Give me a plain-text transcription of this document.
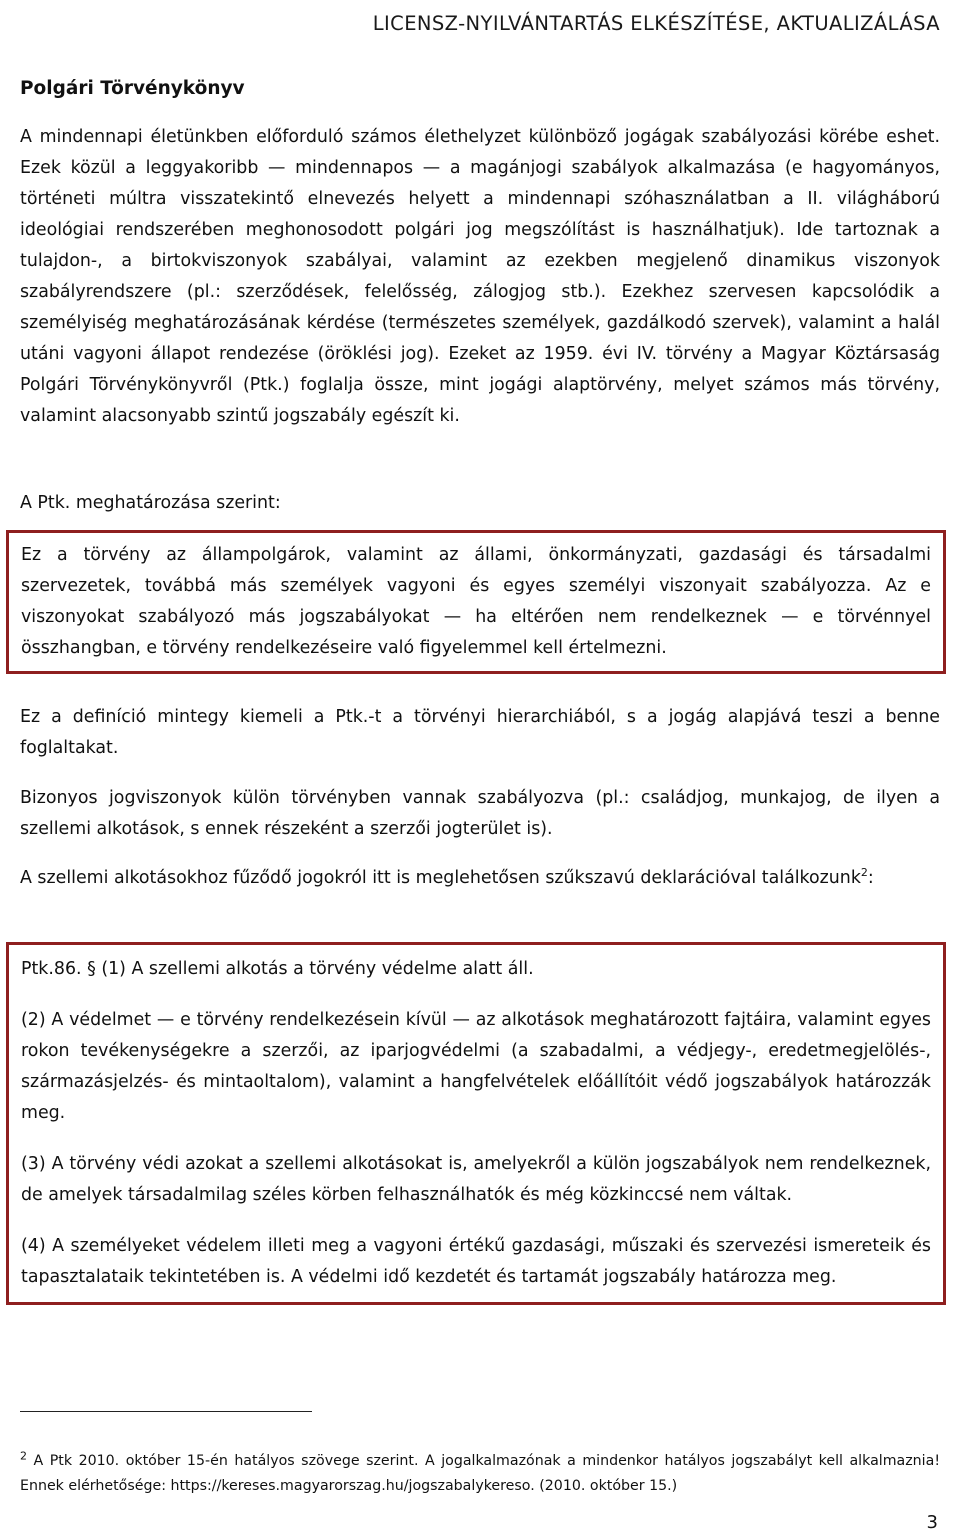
LICENSZ-NYILVÁNTARTÁS ELKÉSZÍTÉSE, AKTUALIZÁLÁSA
Polgári Törvénykönyv

A mindennapi életünkben előforduló számos élethelyzet különböző jogágak szabályozási körébe eshet. Ezek közül a leggyakoribb — mindennapos — a magánjogi szabályok alkalmazása (e hagyományos, történeti múltra visszatekintő elnevezés helyett a mindennapi szóhasználatban a II. világháború ideológiai rendszerében meghonosodott polgári jog megszólítást is használhatjuk). Ide tartoznak a tulajdon-, a birtokviszonyok szabályai, valamint az ezekben megjelenő dinamikus viszonyok szabályrendszere (pl.: szerződések, felelősség, zálogjog stb.). Ezekhez szervesen kapcsolódik a személyiség meghatározásának kérdése (természetes személyek, gazdálkodó szervek), valamint a halál utáni vagyoni állapot rendezése (öröklési jog). Ezeket az 1959. évi IV. törvény a Magyar Köztársaság Polgári Törvénykönyvről (Ptk.) foglalja össze, mint jogági alaptörvény, melyet számos más törvény, valamint alacsonyabb szintű jogszabály egészít ki.

A Ptk. meghatározása szerint:

Ez a törvény az állampolgárok, valamint az állami, önkormányzati, gazdasági és társadalmi szervezetek, továbbá más személyek vagyoni és egyes személyi viszonyait szabályozza. Az e viszonyokat szabályozó más jogszabályokat — ha eltérően nem rendelkeznek — e törvénnyel összhangban, e törvény rendelkezéseire való figyelemmel kell értelmezni.

Ez a definíció mintegy kiemeli a Ptk.-t a törvényi hierarchiából, s a jogág alapjává teszi a benne foglaltakat.

Bizonyos jogviszonyok külön törvényben vannak szabályozva (pl.: családjog, munkajog, de ilyen a szellemi alkotások, s ennek részeként a szerzői jogterület is).

A szellemi alkotásokhoz fűződő jogokról itt is meglehetősen szűkszavú deklarációval találkozunk$^2$:

Ptk.86. § (1) A szellemi alkotás a törvény védelme alatt áll.

(2) A védelmet — e törvény rendelkezésein kívül — az alkotások meghatározott fajtáira, valamint egyes rokon tevékenységekre a szerzői, az iparjogvédelmi (a szabadalmi, a védjegy-, eredetmegjelölés-, származásjelzés- és mintaoltalom), valamint a hangfelvételek előállítóit védő jogszabályok határozzák meg.

(3) A törvény védi azokat a szellemi alkotásokat is, amelyekről a külön jogszabályok nem rendelkeznek, de amelyek társadalmilag széles körben felhasználhatók és még közkinccsé nem váltak.

(4) A személyeket védelem illeti meg a vagyoni értékű gazdasági, műszaki és szervezési ismereteik és tapasztalataik tekintetében is. A védelmi idő kezdetét és tartamát jogszabály határozza meg.

$^2$ A Ptk 2010. október 15-én hatályos szövege szerint. A jogalkalmazónak a mindenkor hatályos jogszabályt kell alkalmaznia! Ennek elérhetősége: https://kereses.magyarorszag.hu/jogszabalykereso. (2010. október 15.)

3
